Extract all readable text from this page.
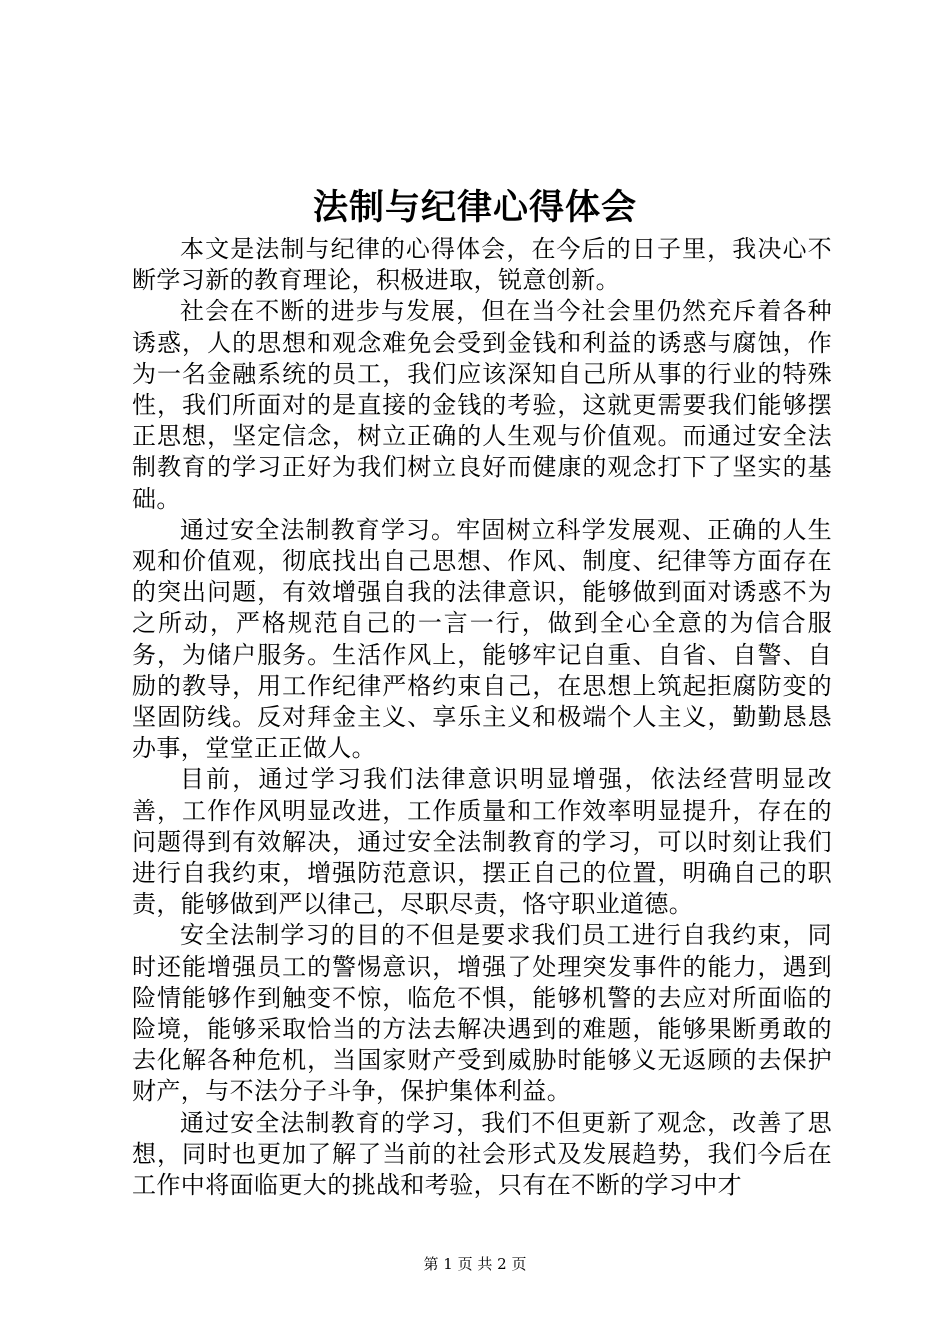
法制与纪律心得体会

本文是法制与纪律的心得体会，在今后的日子里，我决心不断学习新的教育理论，积极进取，锐意创新。

社会在不断的进步与发展，但在当今社会里仍然充斥着各种诱惑，人的思想和观念难免会受到金钱和利益的诱惑与腐蚀，作为一名金融系统的员工，我们应该深知自己所从事的行业的特殊性，我们所面对的是直接的金钱的考验，这就更需要我们能够摆正思想，坚定信念，树立正确的人生观与价值观。而通过安全法制教育的学习正好为我们树立良好而健康的观念打下了坚实的基础。

通过安全法制教育学习。牢固树立科学发展观、正确的人生观和价值观，彻底找出自己思想、作风、制度、纪律等方面存在的突出问题，有效增强自我的法律意识，能够做到面对诱惑不为之所动，严格规范自己的一言一行，做到全心全意的为信合服务，为储户服务。生活作风上，能够牢记自重、自省、自警、自励的教导，用工作纪律严格约束自己，在思想上筑起拒腐防变的坚固防线。反对拜金主义、享乐主义和极端个人主义，勤勤恳恳办事，堂堂正正做人。

目前，通过学习我们法律意识明显增强，依法经营明显改善，工作作风明显改进，工作质量和工作效率明显提升，存在的问题得到有效解决，通过安全法制教育的学习，可以时刻让我们进行自我约束，增强防范意识，摆正自己的位置，明确自己的职责，能够做到严以律己，尽职尽责，恪守职业道德。

安全法制学习的目的不但是要求我们员工进行自我约束，同时还能增强员工的警惕意识，增强了处理突发事件的能力，遇到险情能够作到触变不惊，临危不惧，能够机警的去应对所面临的险境，能够采取恰当的方法去解决遇到的难题，能够果断勇敢的去化解各种危机，当国家财产受到威胁时能够义无返顾的去保护财产，与不法分子斗争，保护集体利益。

通过安全法制教育的学习，我们不但更新了观念，改善了思想，同时也更加了解了当前的社会形式及发展趋势，我们今后在工作中将面临更大的挑战和考验，只有在不断的学习中才

第 1 页 共 2 页
